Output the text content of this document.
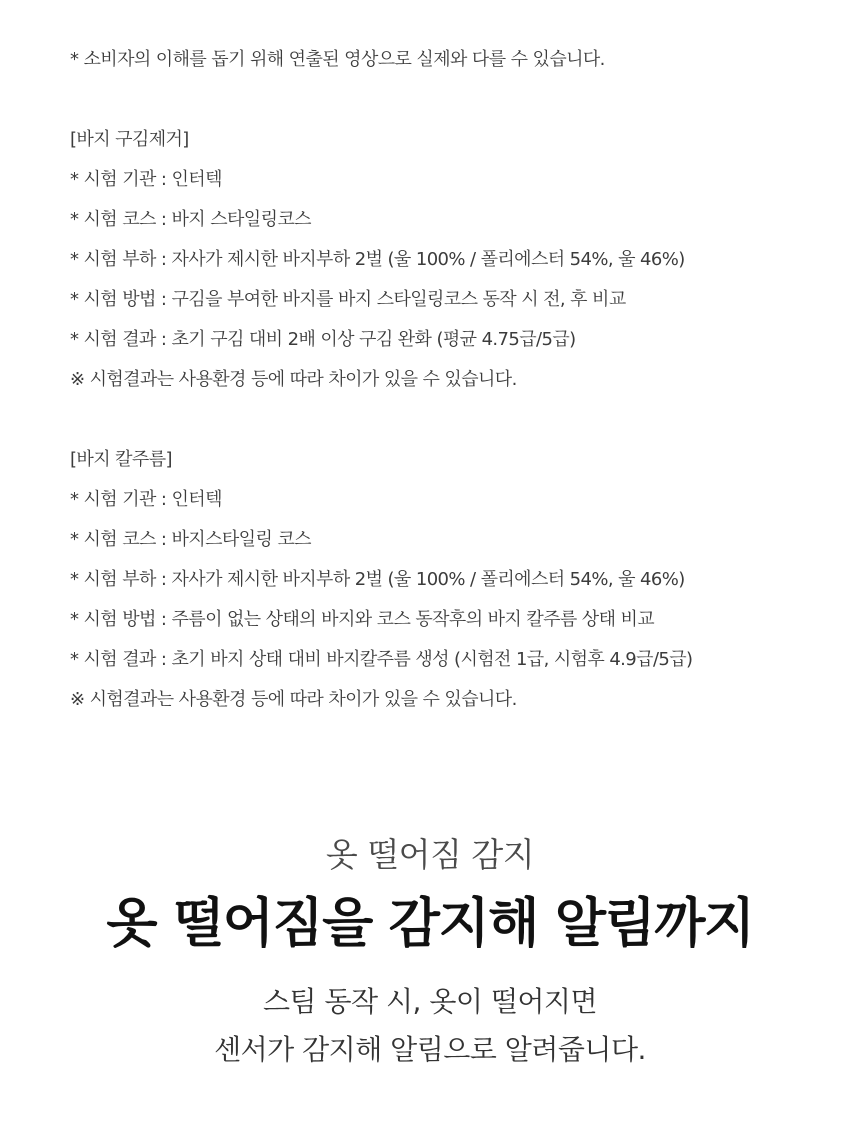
* 소비자의 이해를 돕기 위해 연출된 영상으로 실제와 다를 수 있습니다.
[바지 구김제거]
* 시험 기관 : 인터텍
* 시험 코스 : 바지 스타일링코스
* 시험 부하 : 자사가 제시한 바지부하 2벌 (울 100% / 폴리에스터 54%, 울 46%)
* 시험 방법 : 구김을 부여한 바지를 바지 스타일링코스 동작 시 전, 후 비교
* 시험 결과 : 초기 구김 대비 2배 이상 구김 완화 (평균 4.75급/5급)
※ 시험결과는 사용환경 등에 따라 차이가 있을 수 있습니다.
[바지 칼주름]
* 시험 기관 : 인터텍
* 시험 코스 : 바지스타일링 코스
* 시험 부하 : 자사가 제시한 바지부하 2벌 (울 100% / 폴리에스터 54%, 울 46%)
* 시험 방법 : 주름이 없는 상태의 바지와 코스 동작후의 바지 칼주름 상태 비교
* 시험 결과 : 초기 바지 상태 대비 바지칼주름 생성 (시험전 1급, 시험후 4.9급/5급)
※ 시험결과는 사용환경 등에 따라 차이가 있을 수 있습니다.
옷 떨어짐 감지
옷 떨어짐을 감지해 알림까지
스팀 동작 시, 옷이 떨어지면
센서가 감지해 알림으로 알려줍니다.
